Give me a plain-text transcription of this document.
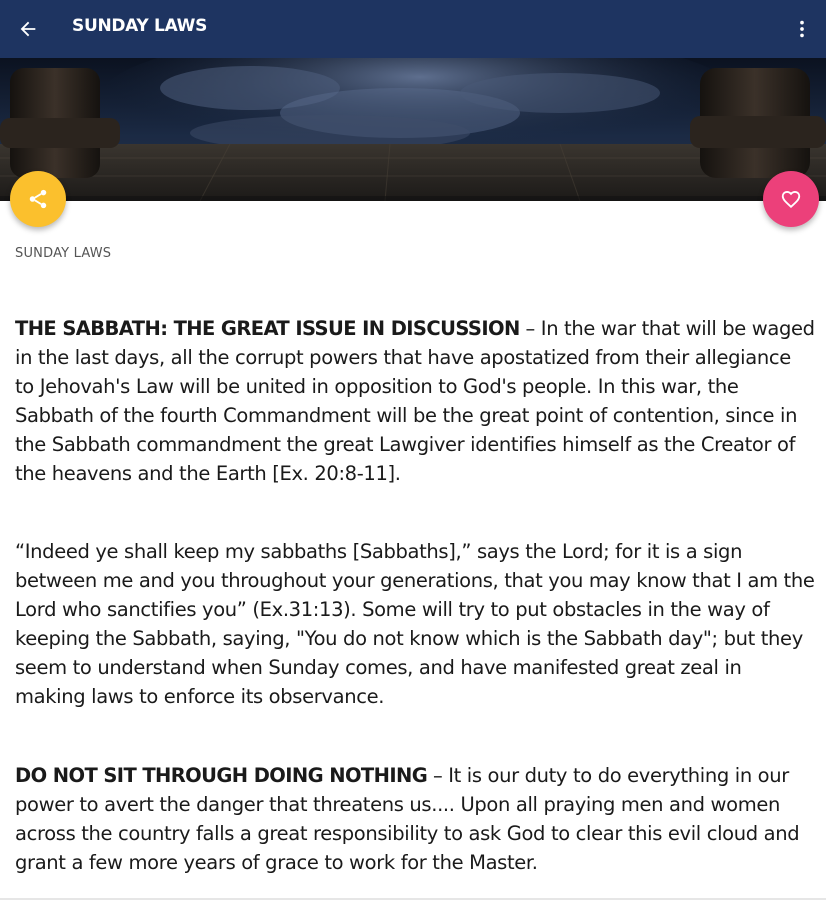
SUNDAY LAWS
SUNDAY LAWS

THE SABBATH: THE GREAT ISSUE IN DISCUSSION – In the war that will be waged in the last days, all the corrupt powers that have apostatized from their allegiance to Jehovah's Law will be united in opposition to God's people. In this war, the Sabbath of the fourth Commandment will be the great point of contention, since in the Sabbath commandment the great Lawgiver identifies himself as the Creator of the heavens and the Earth [Ex. 20:8-11].

“Indeed ye shall keep my sabbaths [Sabbaths],” says the Lord; for it is a sign between me and you throughout your generations, that you may know that I am the Lord who sanctifies you” (Ex.31:13). Some will try to put obstacles in the way of keeping the Sabbath, saying, "You do not know which is the Sabbath day"; but they seem to understand when Sunday comes, and have manifested great zeal in making laws to enforce its observance.

DO NOT SIT THROUGH DOING NOTHING – It is our duty to do everything in our power to avert the danger that threatens us.... Upon all praying men and women across the country falls a great responsibility to ask God to clear this evil cloud and grant a few more years of grace to work for the Master.
